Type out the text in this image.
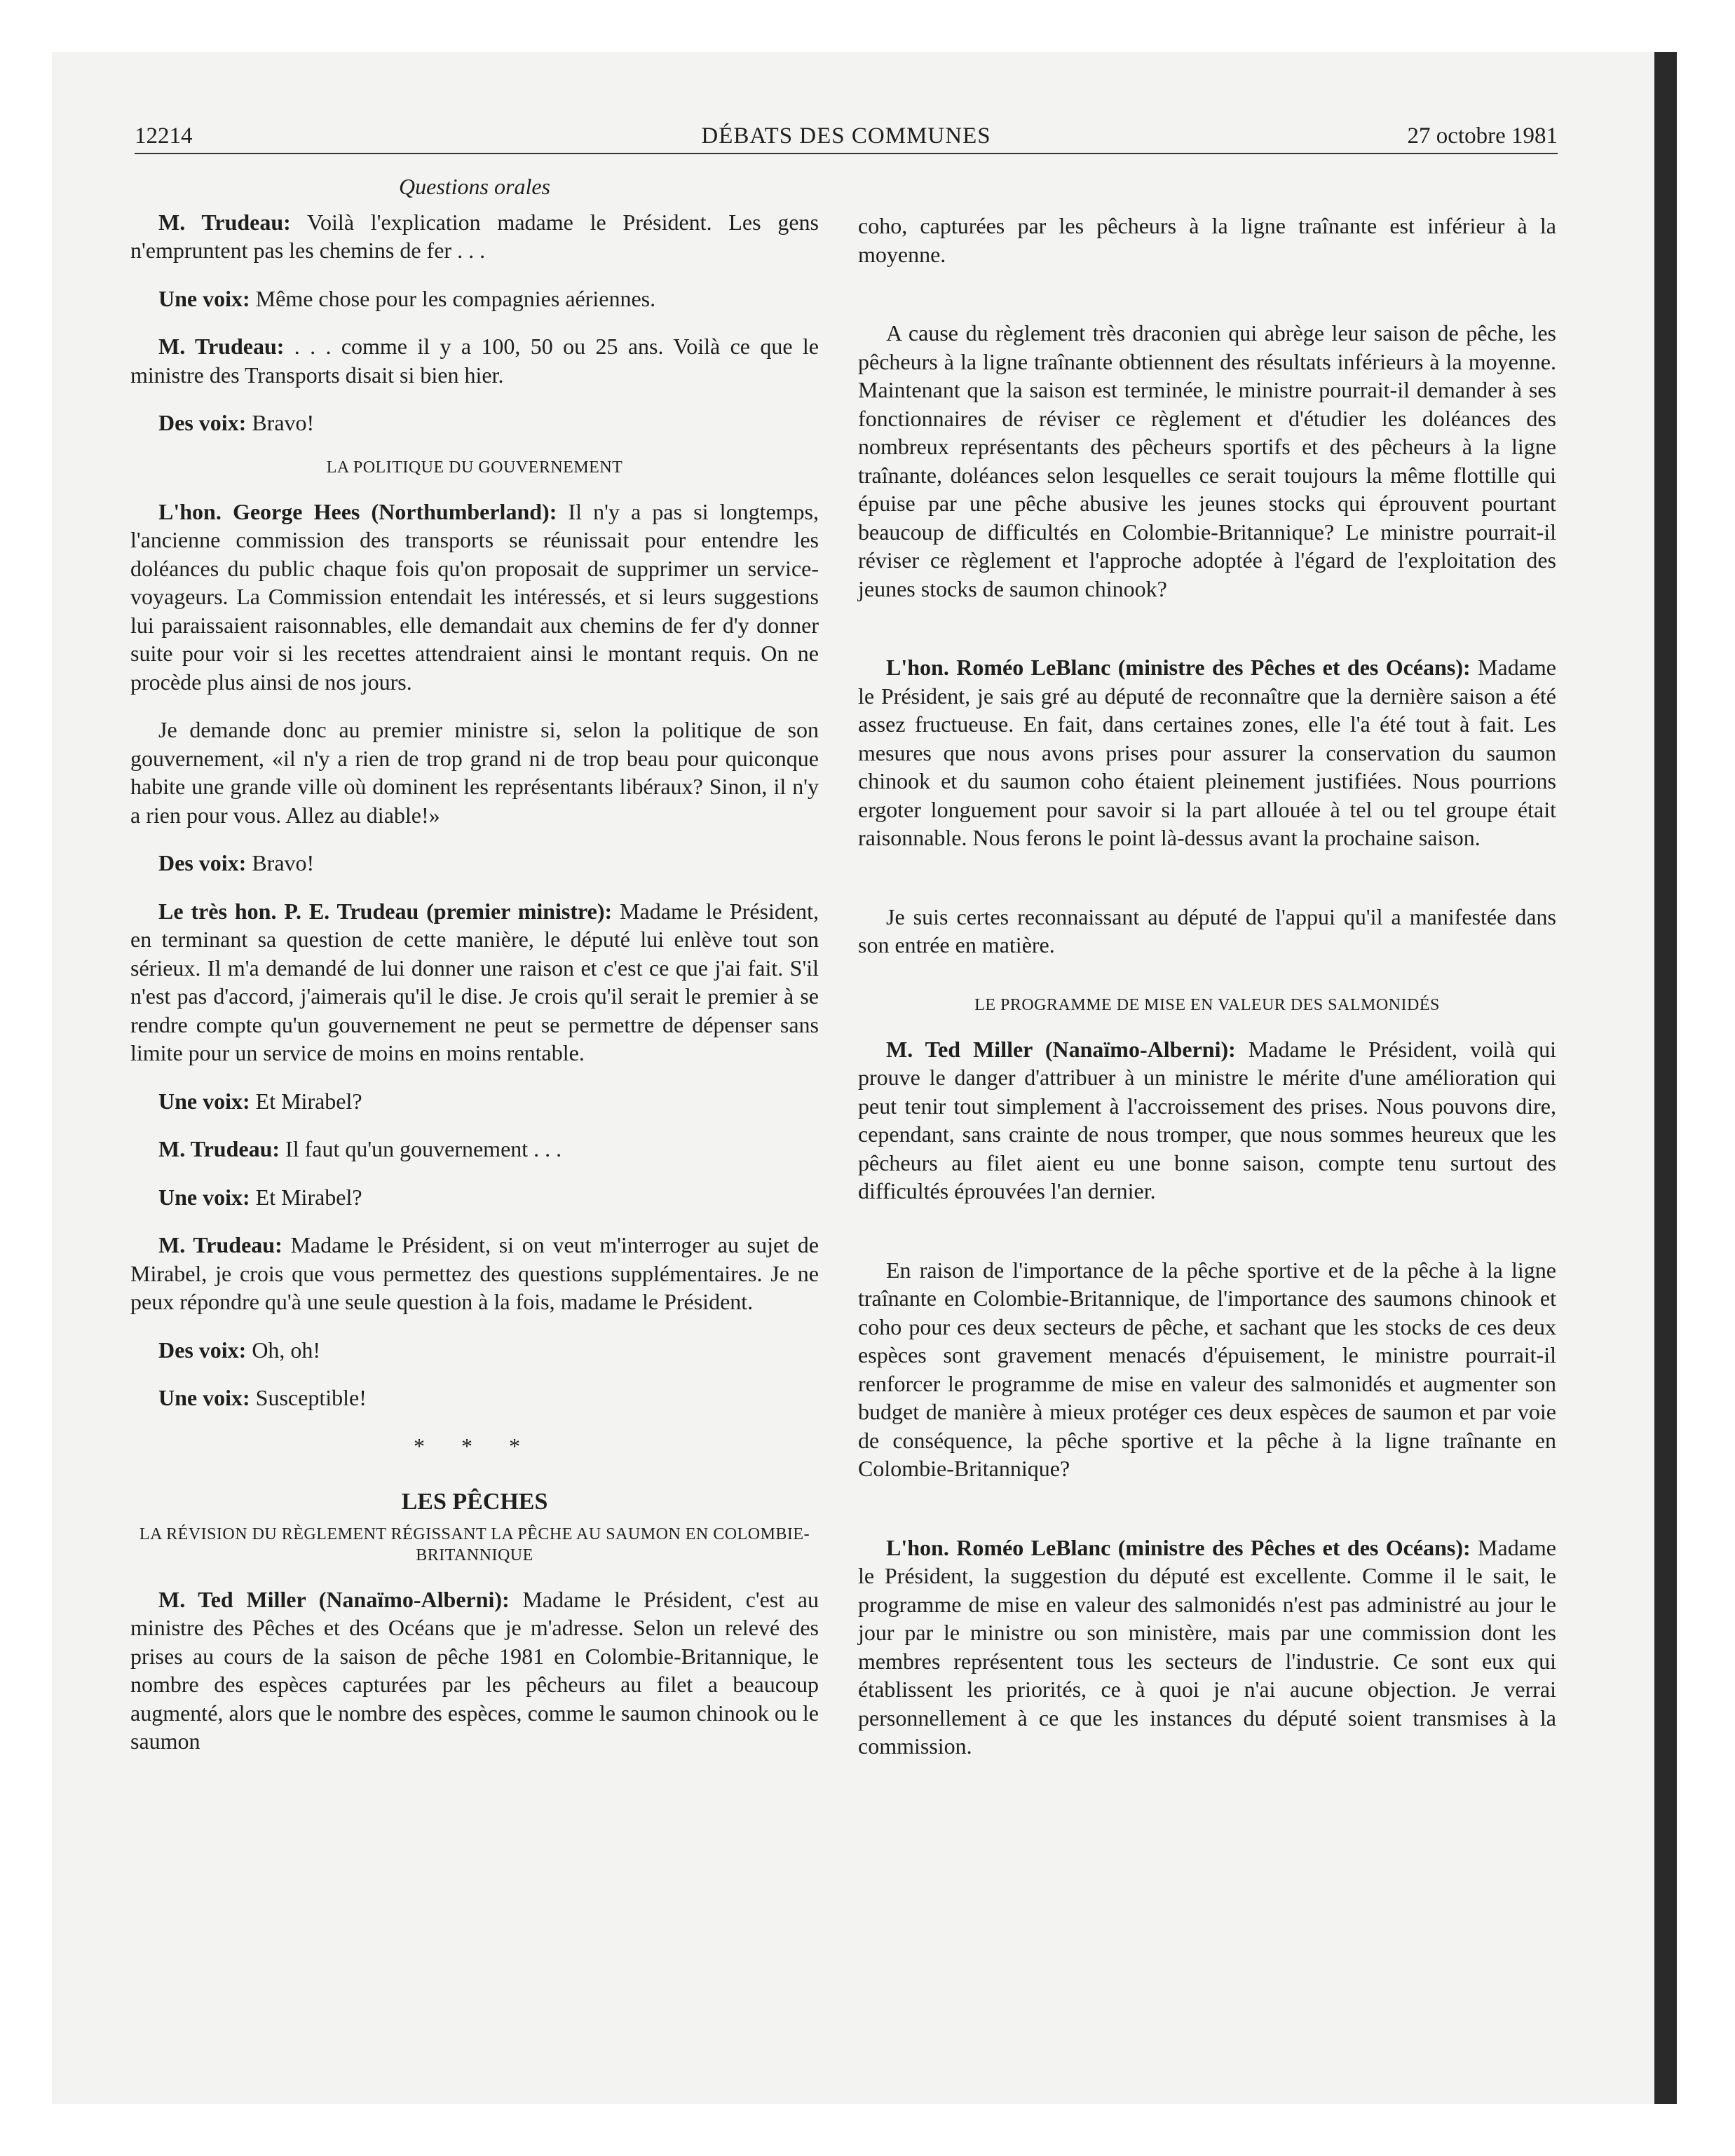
12214	DÉBATS DES COMMUNES	27 octobre 1981
Questions orales

M. Trudeau: Voilà l'explication madame le Président. Les gens n'empruntent pas les chemins de fer . . .

Une voix: Même chose pour les compagnies aériennes.

M. Trudeau: . . . comme il y a 100, 50 ou 25 ans. Voilà ce que le ministre des Transports disait si bien hier.

Des voix: Bravo!

LA POLITIQUE DU GOUVERNEMENT

L'hon. George Hees (Northumberland): Il n'y a pas si longtemps, l'ancienne commission des transports se réunissait pour entendre les doléances du public chaque fois qu'on proposait de supprimer un service-voyageurs. La Commission entendait les intéressés, et si leurs suggestions lui paraissaient raisonnables, elle demandait aux chemins de fer d'y donner suite pour voir si les recettes attendraient ainsi le montant requis. On ne procède plus ainsi de nos jours.

Je demande donc au premier ministre si, selon la politique de son gouvernement, «il n'y a rien de trop grand ni de trop beau pour quiconque habite une grande ville où dominent les représentants libéraux? Sinon, il n'y a rien pour vous. Allez au diable!»

Des voix: Bravo!

Le très hon. P. E. Trudeau (premier ministre): Madame le Président, en terminant sa question de cette manière, le député lui enlève tout son sérieux. Il m'a demandé de lui donner une raison et c'est ce que j'ai fait. S'il n'est pas d'accord, j'aimerais qu'il le dise. Je crois qu'il serait le premier à se rendre compte qu'un gouvernement ne peut se permettre de dépenser sans limite pour un service de moins en moins rentable.

Une voix: Et Mirabel?

M. Trudeau: Il faut qu'un gouvernement . . .

Une voix: Et Mirabel?

M. Trudeau: Madame le Président, si on veut m'interroger au sujet de Mirabel, je crois que vous permettez des questions supplémentaires. Je ne peux répondre qu'à une seule question à la fois, madame le Président.

Des voix: Oh, oh!

Une voix: Susceptible!

* * *
LES PÊCHES
LA RÉVISION DU RÈGLEMENT RÉGISSANT LA PÊCHE AU SAUMON EN COLOMBIE-BRITANNIQUE

M. Ted Miller (Nanaïmo-Alberni): Madame le Président, c'est au ministre des Pêches et des Océans que je m'adresse. Selon un relevé des prises au cours de la saison de pêche 1981 en Colombie-Britannique, le nombre des espèces capturées par les pêcheurs au filet a beaucoup augmenté, alors que le nombre des espèces, comme le saumon chinook ou le saumon

coho, capturées par les pêcheurs à la ligne traînante est inférieur à la moyenne.

A cause du règlement très draconien qui abrège leur saison de pêche, les pêcheurs à la ligne traînante obtiennent des résultats inférieurs à la moyenne. Maintenant que la saison est terminée, le ministre pourrait-il demander à ses fonctionnaires de réviser ce règlement et d'étudier les doléances des nombreux représentants des pêcheurs sportifs et des pêcheurs à la ligne traînante, doléances selon lesquelles ce serait toujours la même flottille qui épuise par une pêche abusive les jeunes stocks qui éprouvent pourtant beaucoup de difficultés en Colombie-Britannique? Le ministre pourrait-il réviser ce règlement et l'approche adoptée à l'égard de l'exploitation des jeunes stocks de saumon chinook?

L'hon. Roméo LeBlanc (ministre des Pêches et des Océans): Madame le Président, je sais gré au député de reconnaître que la dernière saison a été assez fructueuse. En fait, dans certaines zones, elle l'a été tout à fait. Les mesures que nous avons prises pour assurer la conservation du saumon chinook et du saumon coho étaient pleinement justifiées. Nous pourrions ergoter longuement pour savoir si la part allouée à tel ou tel groupe était raisonnable. Nous ferons le point là-dessus avant la prochaine saison.

Je suis certes reconnaissant au député de l'appui qu'il a manifestée dans son entrée en matière.

LE PROGRAMME DE MISE EN VALEUR DES SALMONIDÉS

M. Ted Miller (Nanaïmo-Alberni): Madame le Président, voilà qui prouve le danger d'attribuer à un ministre le mérite d'une amélioration qui peut tenir tout simplement à l'accroissement des prises. Nous pouvons dire, cependant, sans crainte de nous tromper, que nous sommes heureux que les pêcheurs au filet aient eu une bonne saison, compte tenu surtout des difficultés éprouvées l'an dernier.

En raison de l'importance de la pêche sportive et de la pêche à la ligne traînante en Colombie-Britannique, de l'importance des saumons chinook et coho pour ces deux secteurs de pêche, et sachant que les stocks de ces deux espèces sont gravement menacés d'épuisement, le ministre pourrait-il renforcer le programme de mise en valeur des salmonidés et augmenter son budget de manière à mieux protéger ces deux espèces de saumon et par voie de conséquence, la pêche sportive et la pêche à la ligne traînante en Colombie-Britannique?

L'hon. Roméo LeBlanc (ministre des Pêches et des Océans): Madame le Président, la suggestion du député est excellente. Comme il le sait, le programme de mise en valeur des salmonidés n'est pas administré au jour le jour par le ministre ou son ministère, mais par une commission dont les membres représentent tous les secteurs de l'industrie. Ce sont eux qui établissent les priorités, ce à quoi je n'ai aucune objection. Je verrai personnellement à ce que les instances du député soient transmises à la commission.
